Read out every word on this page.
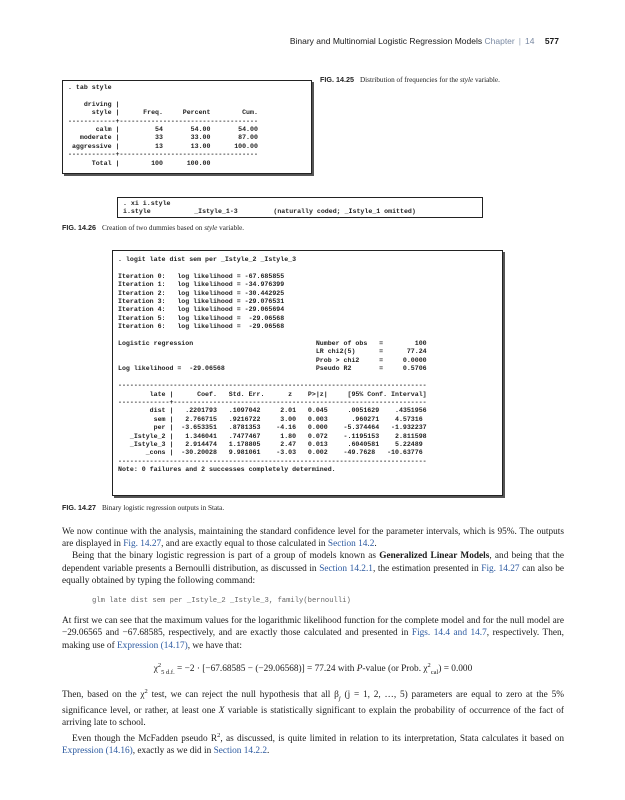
Binary and Multinomial Logistic Regression Models Chapter | 14 577
. tab style

driving |
style |      Freq.     Percent        Cum.
------------+-----------------------------------
calm |         54       54.00       54.00
moderate |         33       33.00       87.00
aggressive |         13       13.00      100.00
------------+-----------------------------------
Total |        100      100.00
FIG. 14.25 Distribution of frequencies for the style variable.
. xi i.style
i.style           _Istyle_1-3         (naturally coded; _Istyle_1 omitted)
FIG. 14.26 Creation of two dummies based on style variable.
. logit late dist sem per _Istyle_2 _Istyle_3

Iteration 0:   log likelihood = -67.685855
Iteration 1:   log likelihood = -34.976399
Iteration 2:   log likelihood = -30.442925
Iteration 3:   log likelihood = -29.076531
Iteration 4:   log likelihood = -29.065694
Iteration 5:   log likelihood =  -29.06568
Iteration 6:   log likelihood =  -29.06568

Logistic regression                               Number of obs   =        100
LR chi2(5)      =      77.24
Prob > chi2     =     0.0000
Log likelihood =  -29.06568                       Pseudo R2       =     0.5706

------------------------------------------------------------------------------
late |      Coef.   Std. Err.      z    P>|z|     [95% Conf. Interval]
-------------+----------------------------------------------------------------
dist |   .2201793   .1097042     2.01   0.045     .0051629    .4351956
sem |   2.766715   .9216722     3.00   0.003      .960271    4.57316
per |  -3.653351   .8781353    -4.16   0.000    -5.374464   -1.932237
_Istyle_2 |   1.346041   .7477467     1.80   0.072    -.1195153    2.811598
_Istyle_3 |   2.914474   1.178805     2.47   0.013     .6040581    5.22489
_cons |  -30.20028   9.981061    -3.03   0.002    -49.7628   -10.63776
------------------------------------------------------------------------------
Note: 0 failures and 2 successes completely determined.
FIG. 14.27 Binary logistic regression outputs in Stata.

We now continue with the analysis, maintaining the standard confidence level for the parameter intervals, which is 95%. The outputs are displayed in Fig. 14.27, and are exactly equal to those calculated in Section 14.2.

Being that the binary logistic regression is part of a group of models known as Generalized Linear Models, and being that the dependent variable presents a Bernoulli distribution, as discussed in Section 14.2.1, the estimation presented in Fig. 14.27 can also be equally obtained by typing the following command:

glm late dist sem per _Istyle_2 _Istyle_3, family(bernoulli)

At first we can see that the maximum values for the logarithmic likelihood function for the complete model and for the null model are −29.06565 and −67.68585, respectively, and are exactly those calculated and presented in Figs. 14.4 and 14.7, respectively. Then, making use of Expression (14.17), we have that:

$\chi^2_{5 d.f.} = -2 \cdot [-67.68585 - (-29.06568)] = 77.24$ with P-value (or Prob. $\chi^2_{cal}) = 0.000$

Then, based on the $\chi^2$ test, we can reject the null hypothesis that all $\beta_j$ (j = 1, 2, …, 5) parameters are equal to zero at the 5% significance level, or rather, at least one X variable is statistically significant to explain the probability of occurrence of the fact of arriving late to school.

Even though the McFadden pseudo $R^2$, as discussed, is quite limited in relation to its interpretation, Stata calculates it based on Expression (14.16), exactly as we did in Section 14.2.2.
